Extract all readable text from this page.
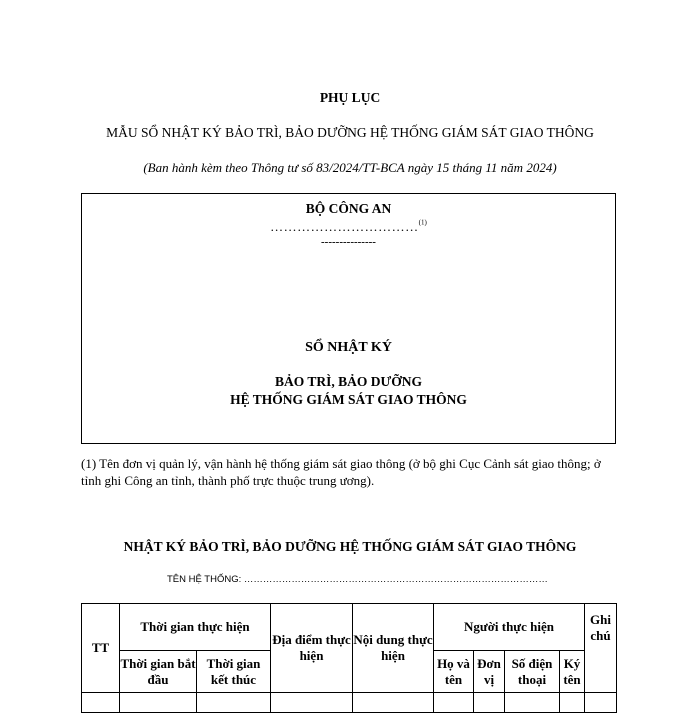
PHỤ LỤC
MẪU SỔ NHẬT KÝ BẢO TRÌ, BẢO DƯỠNG HỆ THỐNG GIÁM SÁT GIAO THÔNG
(Ban hành kèm theo Thông tư số 83/2024/TT-BCA ngày 15 tháng 11 năm 2024)
BỘ CÔNG AN
……………………………$^{(1)}$
---------------
SỔ NHẬT KÝ
BẢO TRÌ, BẢO DƯỠNG
HỆ THỐNG GIÁM SÁT GIAO THÔNG
(1) Tên đơn vị quản lý, vận hành hệ thống giám sát giao thông (ở bộ ghi Cục Cảnh sát giao thông; ở tỉnh ghi Công an tỉnh, thành phố trực thuộc trung ương).
NHẬT KÝ BẢO TRÌ, BẢO DƯỠNG HỆ THỐNG GIÁM SÁT GIAO THÔNG
TÊN HỆ THỐNG: ……………………………………………………………………………………
TT	Thời gian thực hiện		Địa điểm thực hiện	Nội dung thực hiện	Người thực hiện				Ghi chú
	Thời gian bắt đầu	Thời gian kết thúc			Họ và tên	Đơn vị	Số điện thoại	Ký tên	
